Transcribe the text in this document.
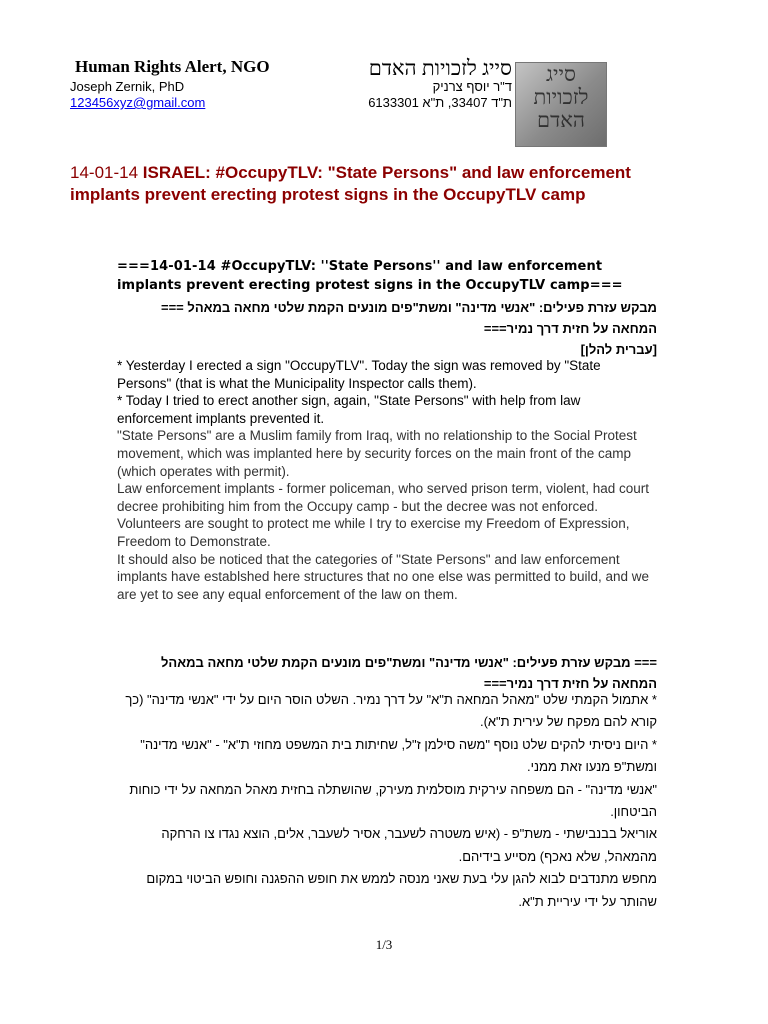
Human Rights Alert, NGO	סייג לזכויות האדם
Joseph Zernik, PhD	ד"ר יוסף צרניק
123456xyz@gmail.com	ת"ד 33407, ת"א 6133301
סייג
לזכויות
האדם
14-01-14 ISRAEL: #OccupyTLV: "State Persons" and law enforcement implants prevent erecting protest signs in the OccupyTLV camp
===14-01-14 #OccupyTLV: ''State Persons'' and law enforcement implants prevent erecting protest signs in the OccupyTLV camp===

מבקש עזרת פעילים: "אנשי מדינה" ומשת"פים מונעים הקמת שלטי מחאה במאהל ===

המחאה על חזית דרך נמיר===

[עברית להלן]

* Yesterday I erected a sign "OccupyTLV". Today the sign was removed by "State Persons" (that is what the Municipality Inspector calls them).

* Today I tried to erect another sign, again, "State Persons" with help from law enforcement implants prevented it.

"State Persons" are a Muslim family from Iraq, with no relationship to the Social Protest movement, which was implanted here by security forces on the main front of the camp (which operates with permit).

Law enforcement implants - former policeman, who served prison term, violent, had court decree prohibiting him from the Occupy camp - but the decree was not enforced.

Volunteers are sought to protect me while I try to exercise my Freedom of Expression, Freedom to Demonstrate.

It should also be noticed that the categories of "State Persons" and law enforcement implants have establshed here structures that no one else was permitted to build, and we are yet to see any equal enforcement of the law on them.

=== מבקש עזרת פעילים: "אנשי מדינה" ומשת"פים מונעים הקמת שלטי מחאה במאהל

המחאה על חזית דרך נמיר===

* אתמול הקמתי שלט "מאהל המחאה ת"א" על דרך נמיר. השלט הוסר היום על ידי "אנשי מדינה" (כך קורא להם מפקח של עירית ת"א).

* היום ניסיתי להקים שלט נוסף "משה סילמן ז"ל, שחיתות בית המשפט מחוזי ת"א" - "אנשי מדינה" ומשת"פ מנעו זאת ממני.

"אנשי מדינה" - הם משפחה עירקית מוסלמית מעירק, שהושתלה בחזית מאהל המחאה על ידי כוחות הביטחון.

אוריאל בבנבישתי - משת"פ - (איש משטרה לשעבר, אסיר לשעבר, אלים, הוצא נגדו צו הרחקה מהמאהל, שלא נאכף) מסייע בידיהם.

מחפש מתנדבים לבוא להגן עלי בעת שאני מנסה לממש את חופש ההפגנה וחופש הביטוי במקום שהותר על ידי עיריית ת"א.

1/3
